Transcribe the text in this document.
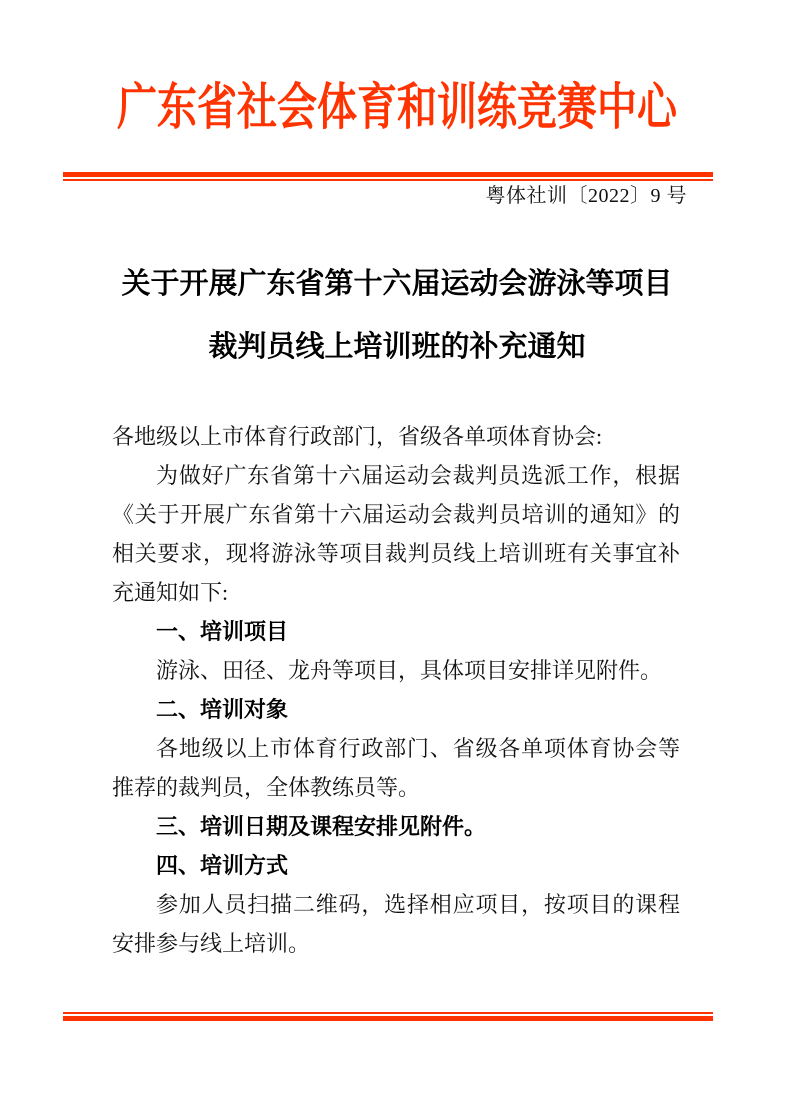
广东省社会体育和训练竞赛中心
粤体社训〔2022〕9 号
关于开展广东省第十六届运动会游泳等项目
裁判员线上培训班的补充通知

各地级以上市体育行政部门，省级各单项体育协会:

为做好广东省第十六届运动会裁判员选派工作，根据《关于开展广东省第十六届运动会裁判员培训的通知》的相关要求，现将游泳等项目裁判员线上培训班有关事宜补充通知如下:

一、培训项目

游泳、田径、龙舟等项目，具体项目安排详见附件。

二、培训对象

各地级以上市体育行政部门、省级各单项体育协会等推荐的裁判员，全体教练员等。

三、培训日期及课程安排见附件。

四、培训方式

参加人员扫描二维码，选择相应项目，按项目的课程安排参与线上培训。
